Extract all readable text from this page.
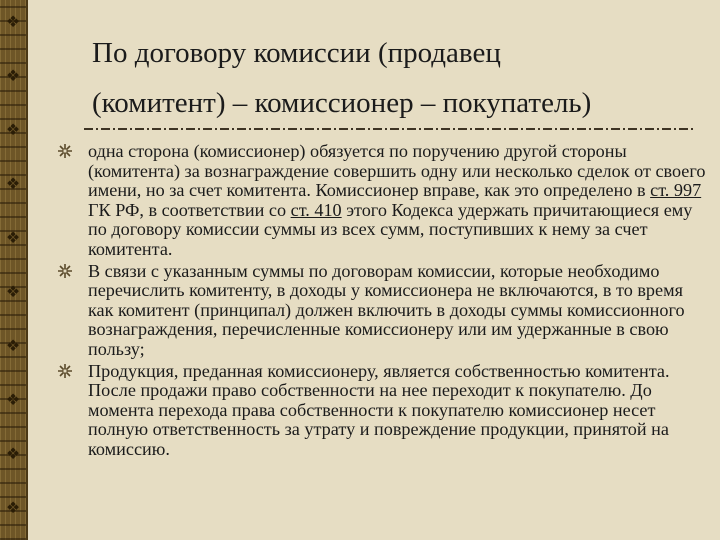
❖
❖
❖
❖
❖
❖
❖
❖
❖
❖
По договору комиссии (продавец
(комитент) – комиссионер – покупатель)

одна сторона (комиссионер) обязуется по поручению другой стороны (комитента) за вознаграждение совершить одну или несколько сделок от своего имени, но за счет комитента. Комиссионер вправе, как это определено в ст. 997 ГК РФ, в соответствии со ст. 410 этого Кодекса удержать причитающиеся ему по договору комиссии суммы из всех сумм, поступивших к нему за счет комитента.

В связи с указанным суммы по договорам комиссии, которые необходимо перечислить комитенту, в доходы у комиссионера не включаются, в то время как комитент (принципал) должен включить в доходы суммы комиссионного вознаграждения, перечисленные комиссионеру или им удержанные в свою пользу;

Продукция, преданная комиссионеру, является собственностью комитента. После продажи право собственности на нее переходит к покупателю. До момента перехода права собственности к покупателю комиссионер несет полную ответственность за утрату и повреждение продукции, принятой на комиссию.
